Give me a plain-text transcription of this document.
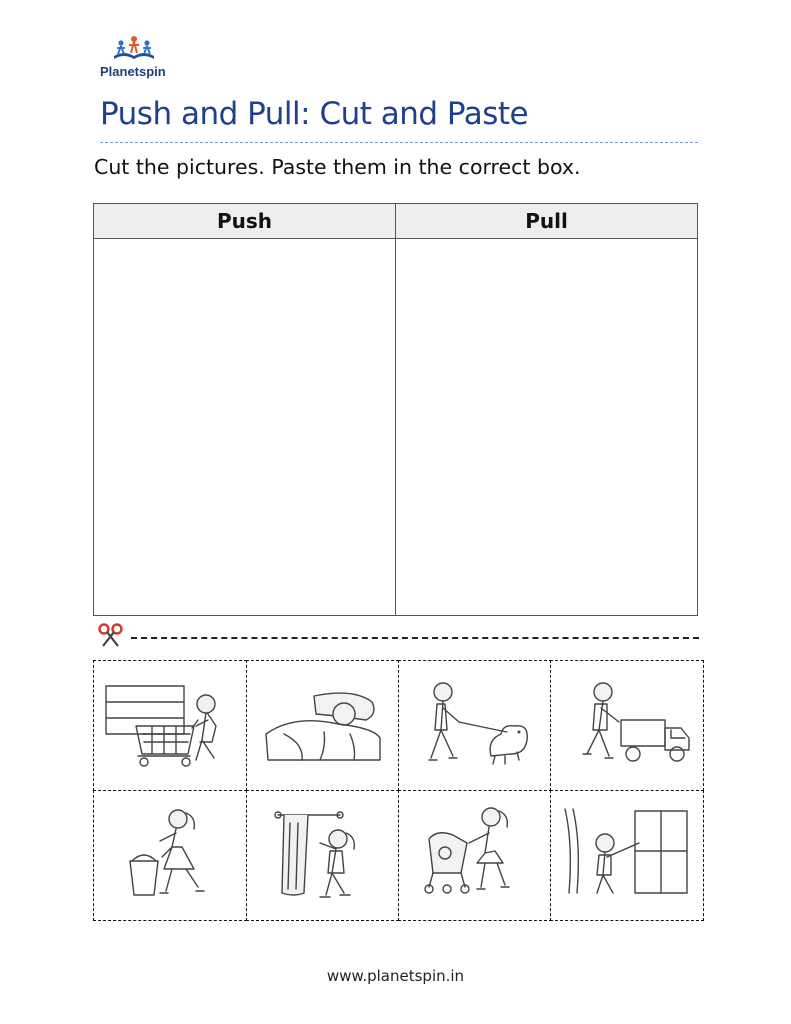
Planetspin
Push and Pull: Cut and Paste
Cut the pictures. Paste them in the correct box.
Push	Pull

www.planetspin.in
